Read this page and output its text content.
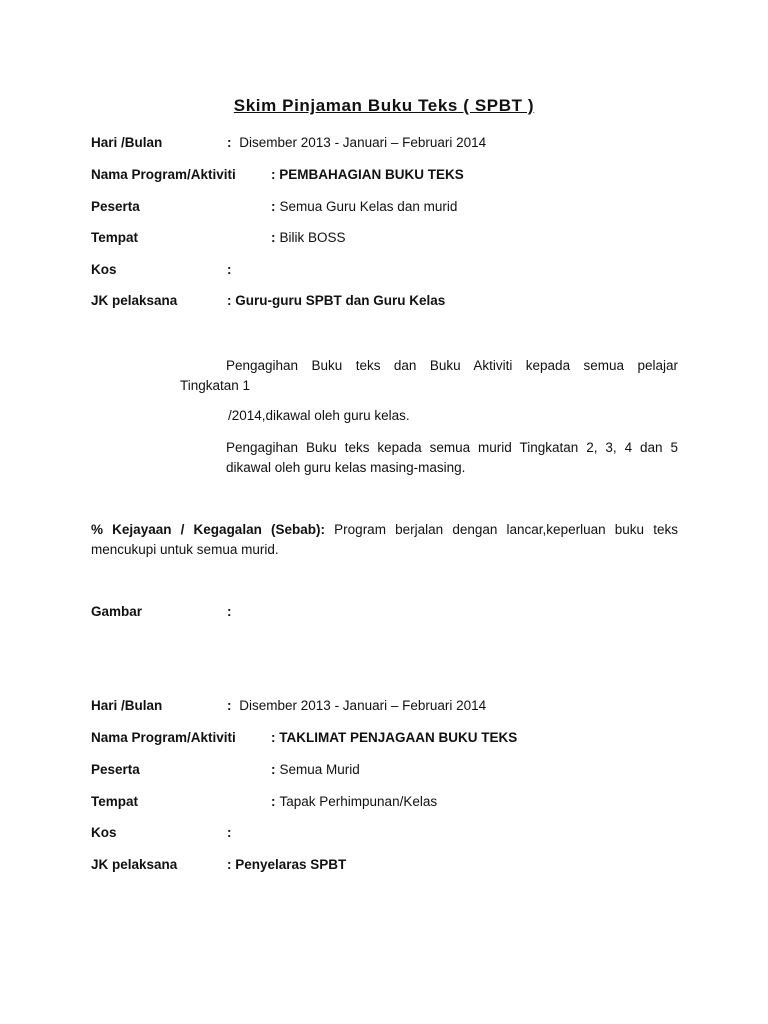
Skim Pinjaman Buku Teks ( SPBT )
Hari /Bulan	: Disember 2013 - Januari – Februari 2014
Nama Program/Aktiviti	: PEMBAHAGIAN BUKU TEKS
Peserta	: Semua Guru Kelas dan murid
Tempat	: Bilik BOSS
Kos	:
JK pelaksana	: Guru-guru SPBT dan Guru Kelas
Pengagihan Buku teks dan Buku Aktiviti kepada semua pelajar
Tingkatan 1
/2014,dikawal oleh guru kelas.
Pengagihan Buku teks kepada semua murid Tingkatan 2, 3, 4 dan 5
dikawal oleh guru kelas masing-masing.
% Kejayaan / Kegagalan (Sebab): Program berjalan dengan lancar,keperluan buku teks
mencukupi untuk semua murid.
Gambar	:
Hari /Bulan	: Disember 2013 - Januari – Februari 2014
Nama Program/Aktiviti	: TAKLIMAT PENJAGAAN BUKU TEKS
Peserta	: Semua Murid
Tempat	: Tapak Perhimpunan/Kelas
Kos	:
JK pelaksana	: Penyelaras SPBT
